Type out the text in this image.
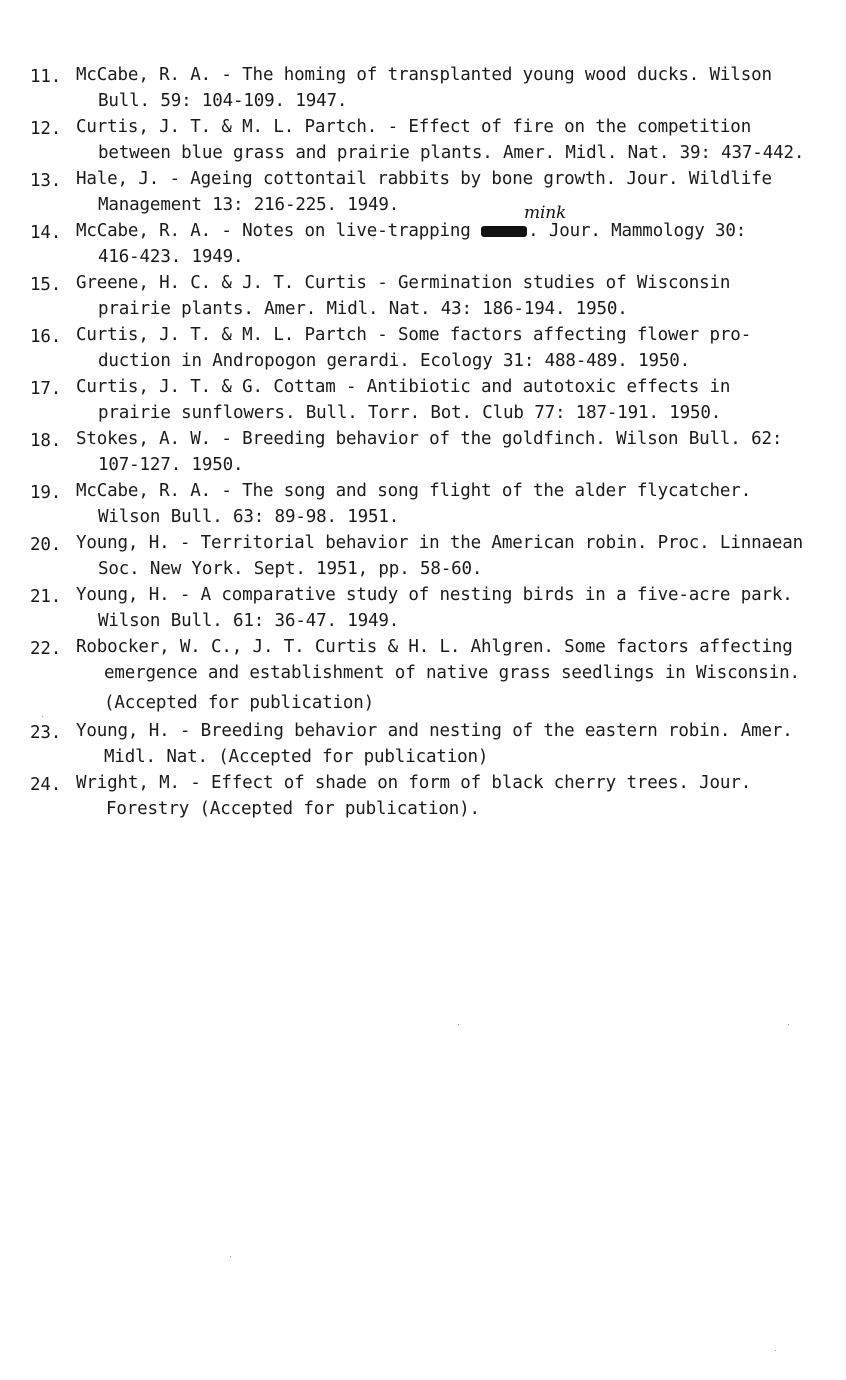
11. McCabe, R. A. - The homing of transplanted young wood ducks. Wilson
Bull. 59: 104-109. 1947.
12. Curtis, J. T. & M. L. Partch. - Effect of fire on the competition
between blue grass and prairie plants. Amer. Midl. Nat. 39: 437-442.
13. Hale, J. - Ageing cottontail rabbits by bone growth. Jour. Wildlife
Management 13: 216-225. 1949.
14. McCabe, R. A. - Notes on live-trapping	. Jour. Mammology 30:
mink
416-423. 1949.
15. Greene, H. C. & J. T. Curtis - Germination studies of Wisconsin
prairie plants. Amer. Midl. Nat. 43: 186-194. 1950.
16. Curtis, J. T. & M. L. Partch - Some factors affecting flower pro-
duction in Andropogon gerardi. Ecology 31: 488-489. 1950.
17. Curtis, J. T. & G. Cottam - Antibiotic and autotoxic effects in
prairie sunflowers. Bull. Torr. Bot. Club 77: 187-191. 1950.
18. Stokes, A. W. - Breeding behavior of the goldfinch. Wilson Bull. 62:
107-127. 1950.
19. McCabe, R. A. - The song and song flight of the alder flycatcher.
Wilson Bull. 63: 89-98. 1951.
20. Young, H. - Territorial behavior in the American robin. Proc. Linnaean
Soc. New York. Sept. 1951, pp. 58-60.
21. Young, H. - A comparative study of nesting birds in a five-acre park.
Wilson Bull. 61: 36-47. 1949.
22. Robocker, W. C., J. T. Curtis & H. L. Ahlgren. Some factors affecting
emergence and establishment of native grass seedlings in Wisconsin.
(Accepted for publication)
23. Young, H. - Breeding behavior and nesting of the eastern robin. Amer.
Midl. Nat. (Accepted for publication)
24. Wright, M. - Effect of shade on form of black cherry trees. Jour.
Forestry (Accepted for publication).
